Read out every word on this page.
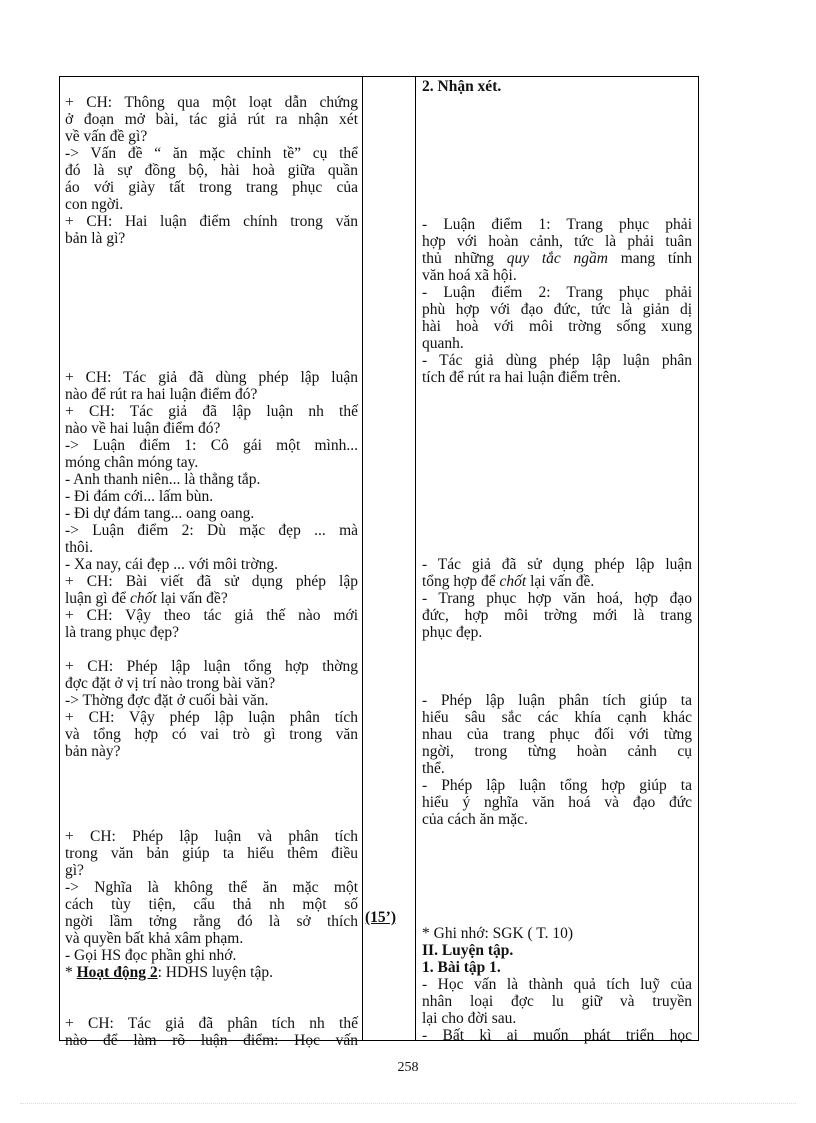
+ CH: Thông qua một loạt dẫn chứng
ở đoạn mở bài, tác giả rút ra nhận xét
về vấn đề gì?
-> Vấn đề “ ăn mặc chỉnh tề” cụ thể
đó là sự đồng bộ, hài hoà giữa quần
áo với giày tất trong trang phục của
con ngời.
+ CH: Hai luận điểm chính trong văn
bản là gì?
+ CH: Tác giả đã dùng phép lập luận
nào để rút ra hai luận điểm đó?
+ CH: Tác giả đã lập luận nh thế
nào về hai luận điểm đó?
-> Luận điểm 1: Cô gái một mình...
móng chân móng tay.
- Anh thanh niên... là thẳng tắp.
- Đi đám cới... lấm bùn.
- Đi dự đám tang... oang oang.
-> Luận điểm 2: Dù mặc đẹp ... mà
thôi.
- Xa nay, cái đẹp ... với môi trờng.
+ CH: Bài viết đã sử dụng phép lập
luận gì để chốt lại vấn đề?
+ CH: Vậy theo tác giả thế nào mới
là trang phục đẹp?
+ CH: Phép lập luận tổng hợp thờng
đợc đặt ở vị trí nào trong bài văn?
-> Thờng đợc đặt ở cuối bài văn.
+ CH: Vậy phép lập luận phân tích
và tổng hợp có vai trò gì trong văn
bản này?
+ CH: Phép lập luận và phân tích
trong văn bản giúp ta hiểu thêm điều
gì?
-> Nghĩa là không thể ăn mặc một
cách tùy tiện, cẩu thả nh một số
ngời lầm tởng rằng đó là sở thích
và quyền bất khả xâm phạm.
- Gọi HS đọc phần ghi nhớ.
* Hoạt động 2: HDHS luyện tập.
+ CH: Tác giả đã phân tích nh thế
nào để làm rõ luận điểm: Học vấn
(15’)
2. Nhận xét.
- Luận điểm 1: Trang phục phải
hợp với hoàn cảnh, tức là phải tuân
thủ những quy tắc ngầm mang tính
văn hoá xã hội.
- Luận điểm 2: Trang phục phải
phù hợp với đạo đức, tức là giản dị
hài hoà với môi trờng sống xung
quanh.
- Tác giả dùng phép lập luận phân
tích để rút ra hai luận điểm trên.
- Tác giả đã sử dụng phép lập luận
tổng hợp để chốt lại vấn đề.
- Trang phục hợp văn hoá, hợp đạo
đức, hợp môi trờng mới là trang
phục đẹp.
- Phép lập luận phân tích giúp ta
hiểu sâu sắc các khía cạnh khác
nhau của trang phục đối với từng
ngời, trong từng hoàn cảnh cụ
thể.
- Phép lập luận tổng hợp giúp ta
hiểu ý nghĩa văn hoá và đạo đức
của cách ăn mặc.
* Ghi nhớ: SGK ( T. 10)
II. Luyện tập.
1. Bài tập 1.
- Học vấn là thành quả tích luỹ của
nhân loại đợc lu giữ và truyền
lại cho đời sau.
- Bất kì ai muốn phát triển học
258
